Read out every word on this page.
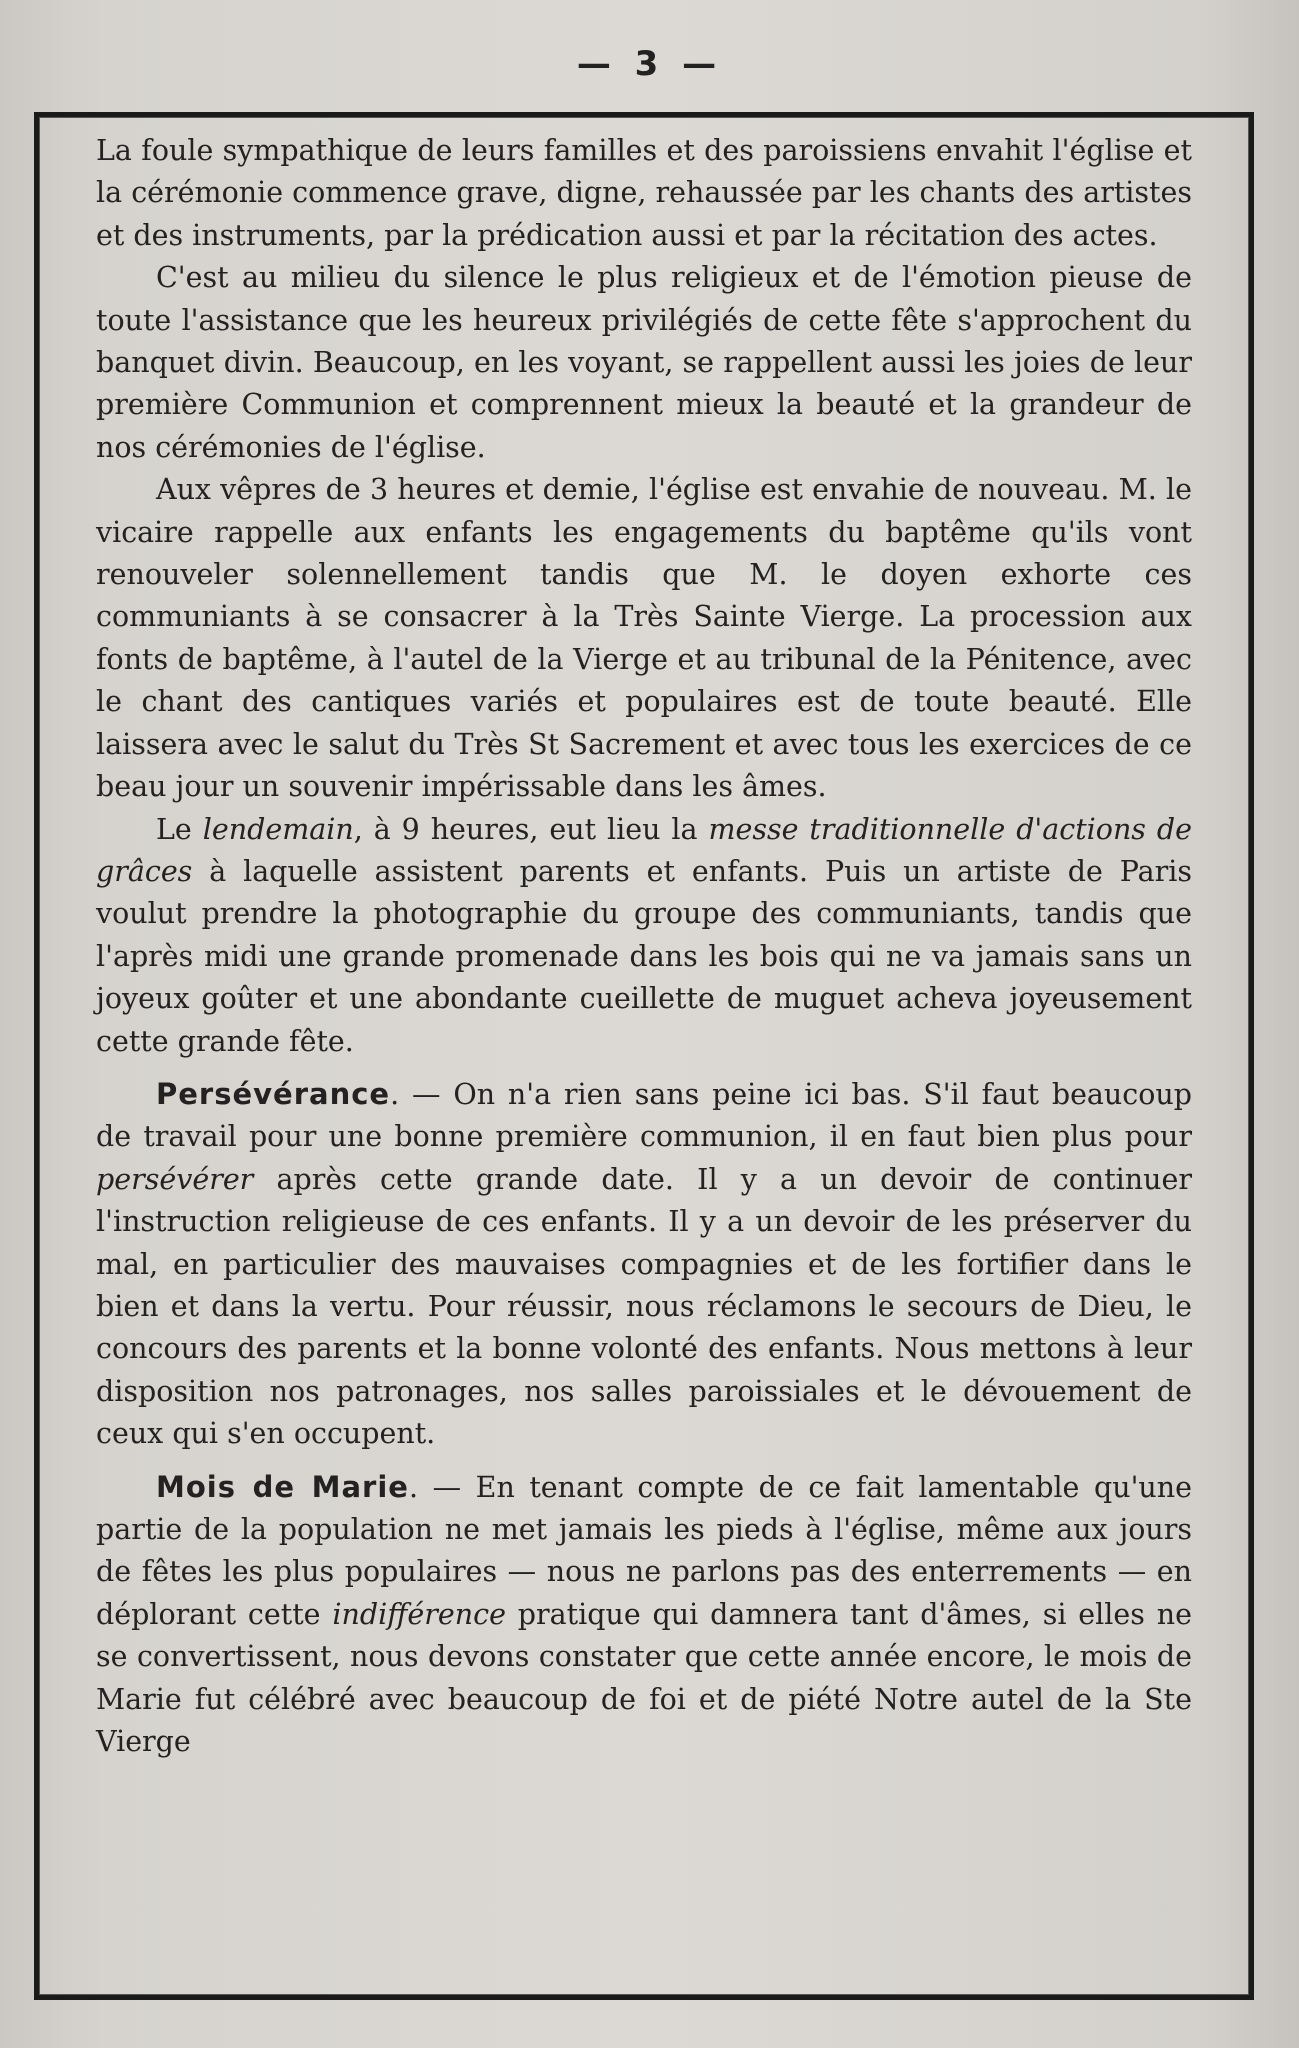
— 3 —

La foule sympathique de leurs familles et des paroissiens envahit l'église et la cérémonie commence grave, digne, rehaussée par les chants des artistes et des instruments, par la prédication aussi et par la récitation des actes.

C'est au milieu du silence le plus religieux et de l'émotion pieuse de toute l'assistance que les heureux privilégiés de cette fête s'approchent du banquet divin. Beaucoup, en les voyant, se rappellent aussi les joies de leur première Communion et comprennent mieux la beauté et la grandeur de nos cérémonies de l'église.

Aux vêpres de 3 heures et demie, l'église est envahie de nouveau. M. le vicaire rappelle aux enfants les engagements du baptême qu'ils vont renouveler solennellement tandis que M. le doyen exhorte ces communiants à se consacrer à la Très Sainte Vierge. La procession aux fonts de baptême, à l'autel de la Vierge et au tribunal de la Pénitence, avec le chant des cantiques variés et populaires est de toute beauté. Elle laissera avec le salut du Très St Sacrement et avec tous les exercices de ce beau jour un souvenir impérissable dans les âmes.

Le lendemain, à 9 heures, eut lieu la messe traditionnelle d'actions de grâces à laquelle assistent parents et enfants. Puis un artiste de Paris voulut prendre la photographie du groupe des communiants, tandis que l'après midi une grande promenade dans les bois qui ne va jamais sans un joyeux goûter et une abondante cueillette de muguet acheva joyeusement cette grande fête.

Persévérance. — On n'a rien sans peine ici bas. S'il faut beaucoup de travail pour une bonne première communion, il en faut bien plus pour persévérer après cette grande date. Il y a un devoir de continuer l'instruction religieuse de ces enfants. Il y a un devoir de les préserver du mal, en particulier des mauvaises compagnies et de les fortifier dans le bien et dans la vertu. Pour réussir, nous réclamons le secours de Dieu, le concours des parents et la bonne volonté des enfants. Nous mettons à leur disposition nos patronages, nos salles paroissiales et le dévouement de ceux qui s'en occupent.

Mois de Marie. — En tenant compte de ce fait lamentable qu'une partie de la population ne met jamais les pieds à l'église, même aux jours de fêtes les plus populaires — nous ne parlons pas des enterrements — en déplorant cette indifférence pratique qui damnera tant d'âmes, si elles ne se convertissent, nous devons constater que cette année encore, le mois de Marie fut célébré avec beaucoup de foi et de piété Notre autel de la Ste Vierge
